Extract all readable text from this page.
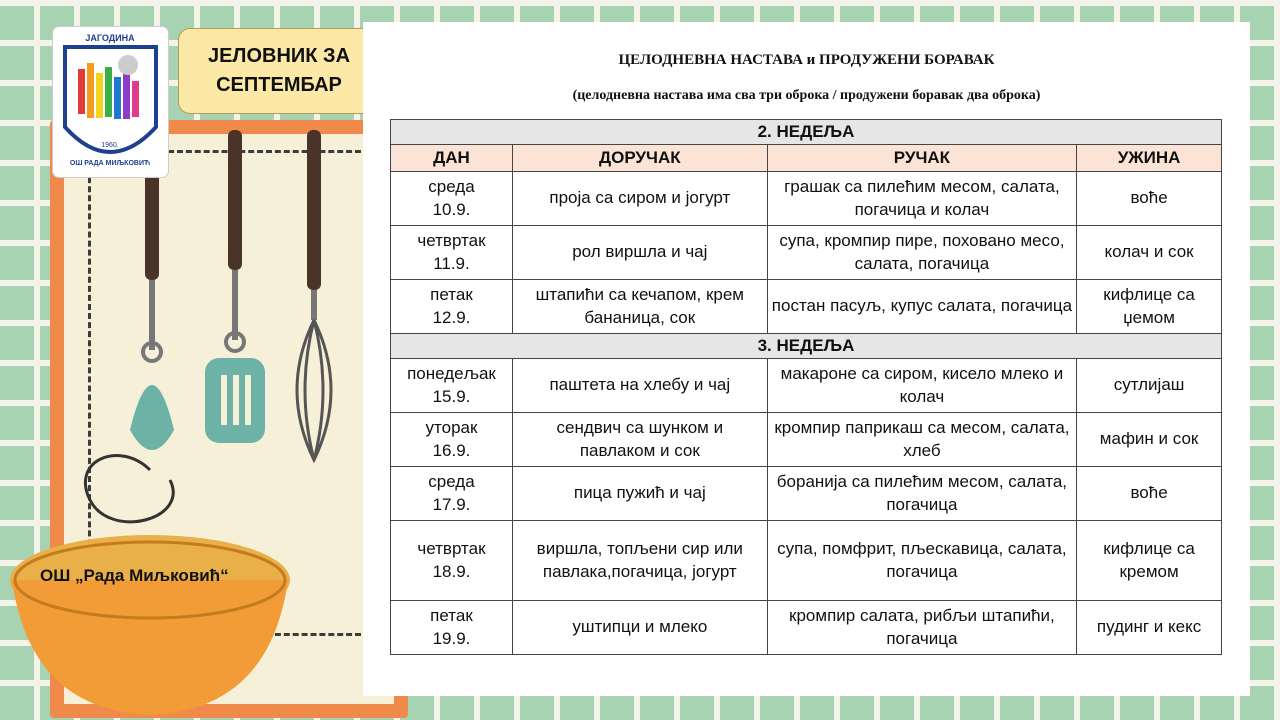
ЈАГОДИНА
1960.
ОШ РАДА МИЉКОВИЋ
ЈЕЛОВНИК ЗА
СЕПТЕМБАР
ОШ „Рада Миљковић“
ЦЕЛОДНЕВНА НАСТАВА и ПРОДУЖЕНИ БОРАВАК
(целодневна настава има сва три оброка / продужени боравак два оброка)
2. НЕДЕЉА			
ДАН	ДОРУЧАК	РУЧАК	УЖИНА

среда
10.9.	проја са сиром и јогурт	грашак са пилећим месом, салата, погачица и колач	воће

четвртак
11.9.	рол виршла и чај	супа, кромпир пире, поховано месо, салата, погачица	колач и сок

петак
12.9.	штапићи са кечапом, крем бананица, сок	постан пасуљ, купус салата, погачица	кифлице са џемом
3. НЕДЕЉА			

понедељак
15.9.	паштета на хлебу и чај	макароне са сиром, кисело млеко и колач	сутлијаш

уторак
16.9.	сендвич са шунком и павлаком и сок	кромпир паприкаш са месом, салата, хлеб	мафин и сок

среда
17.9.	пица пужић и чај	боранија са пилећим месом, салата, погачица	воће

четвртак
18.9.	виршла, топљени сир или павлака,погачица, јогурт	супа, помфрит, пљескавица, салата, погачица	кифлице са кремом

петак
19.9.	уштипци и млеко	кромпир салата, рибљи штапићи, погачица	пудинг и кекс
